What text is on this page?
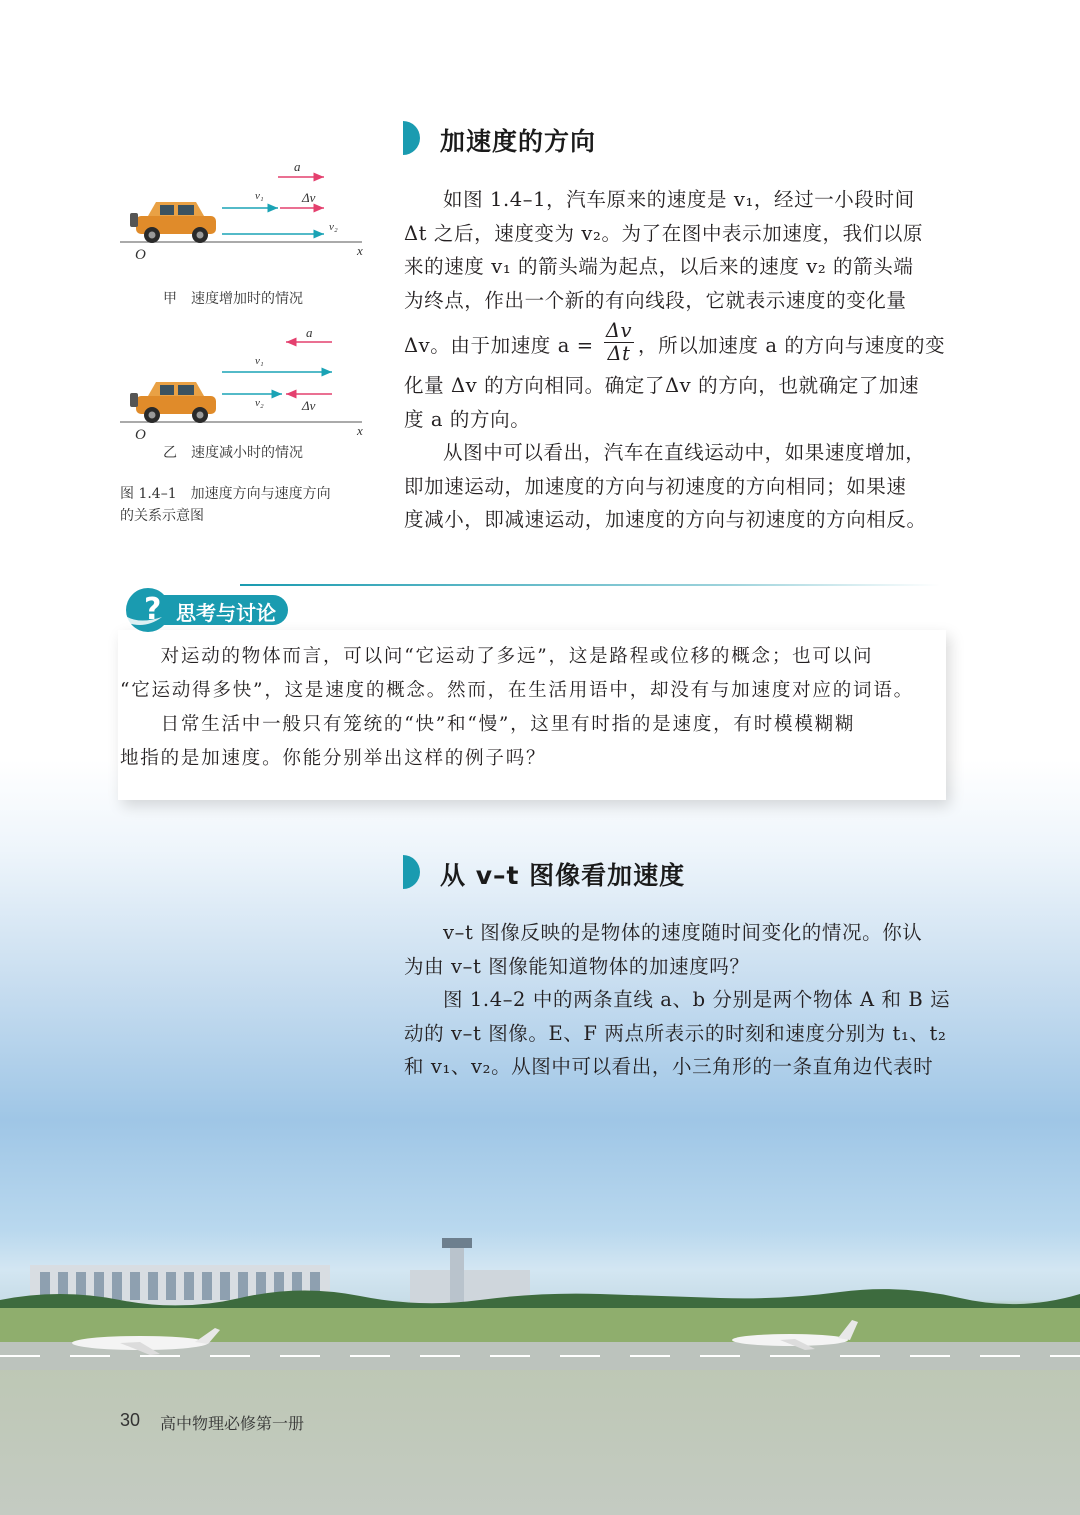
加速度的方向
如图 1.4–1，汽车原来的速度是 v₁，经过一小段时间
Δt 之后，速度变为 v₂。为了在图中表示加速度，我们以原
来的速度 v₁ 的箭头端为起点，以后来的速度 v₂ 的箭头端
为终点，作出一个新的有向线段，它就表示速度的变化量
Δv。由于加速度 a =
Δv
Δt ，所以加速度 a 的方向与速度的变
化量 Δv 的方向相同。确定了Δv 的方向，也就确定了加速
度 a 的方向。
从图中可以看出，汽车在直线运动中，如果速度增加，
即加速运动，加速度的方向与初速度的方向相同；如果速
度减小，即减速运动，加速度的方向与初速度的方向相反。
a
v₁	Δv
v₂
O	x
甲　速度增加时的情况
a
v₁
v₂	Δv
O	x
乙　速度减小时的情况
图 1.4–1　加速度方向与速度方向
的关系示意图
? 思考与讨论
　　对运动的物体而言，可以问“它运动了多远”，这是路程或位移的概念；也可以问
“它运动得多快”，这是速度的概念。然而，在生活用语中，却没有与加速度对应的词语。
　　日常生活中一般只有笼统的“快”和“慢”，这里有时指的是速度，有时模模糊糊
地指的是加速度。你能分别举出这样的例子吗？
从 v–t 图像看加速度
v–t 图像反映的是物体的速度随时间变化的情况。你认
为由 v–t 图像能知道物体的加速度吗？
图 1.4–2 中的两条直线 a、b 分别是两个物体 A 和 B 运
动的 v–t 图像。E、F 两点所表示的时刻和速度分别为 t₁、t₂
和 v₁、v₂。从图中可以看出，小三角形的一条直角边代表时
30 高中物理必修第一册
